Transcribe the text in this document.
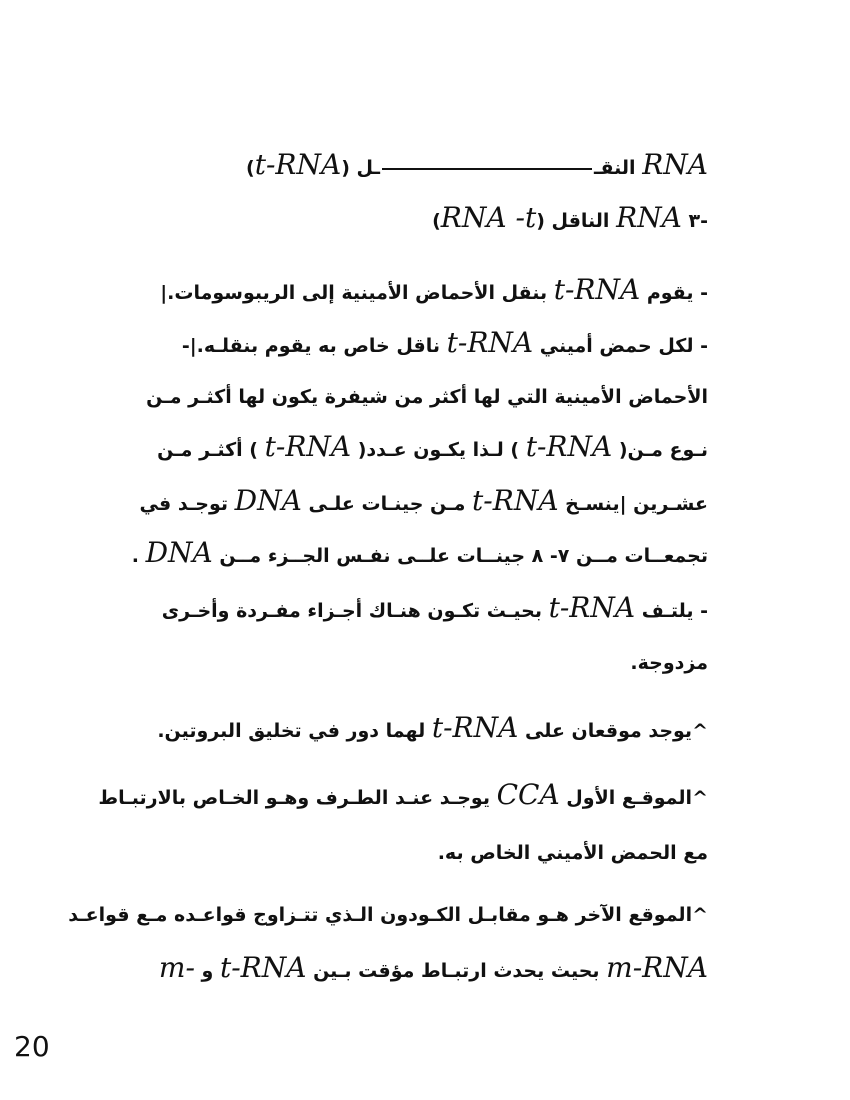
RNA النقــل (t-RNA)
-٣ RNA الناقل (RNA -t)
- يقوم t-RNA بنقل الأحماض الأمينية إلى الريبوسومات.|
- لكل حمض أميني t-RNA ناقل خاص به يقوم بنقلـه.|-
الأحماض الأمينية التي لها أكثر من شيفرة يكون لها أكثـر مـن
نـوع مـن( t-RNA ) لـذا يكـون عـدد( t-RNA ) أكثـر مـن
عشـرين |ينسـخ t-RNA مـن جينـات علـى DNA توجـد في
تجمعــات مــن ٧- ٨ جينــات علــى نفـس الجــزء مــن DNA .
- يلتـف t-RNA بحيـث تكـون هنـاك أجـزاء مفـردة وأخـرى
مزدوجة.
^يوجد موقعان على t-RNA لهما دور في تخليق البروتين.
^الموقـع الأول CCA يوجـد عنـد الطـرف وهـو الخـاص بالارتبـاط
مع الحمض الأميني الخاص به.
^الموقع الآخر هـو مقابـل الكـودون الـذي تتـزاوج قواعـده مـع قواعـد
m-RNA بحيث يحدث ارتبـاط مؤقت بـين t-RNA و m-
20
